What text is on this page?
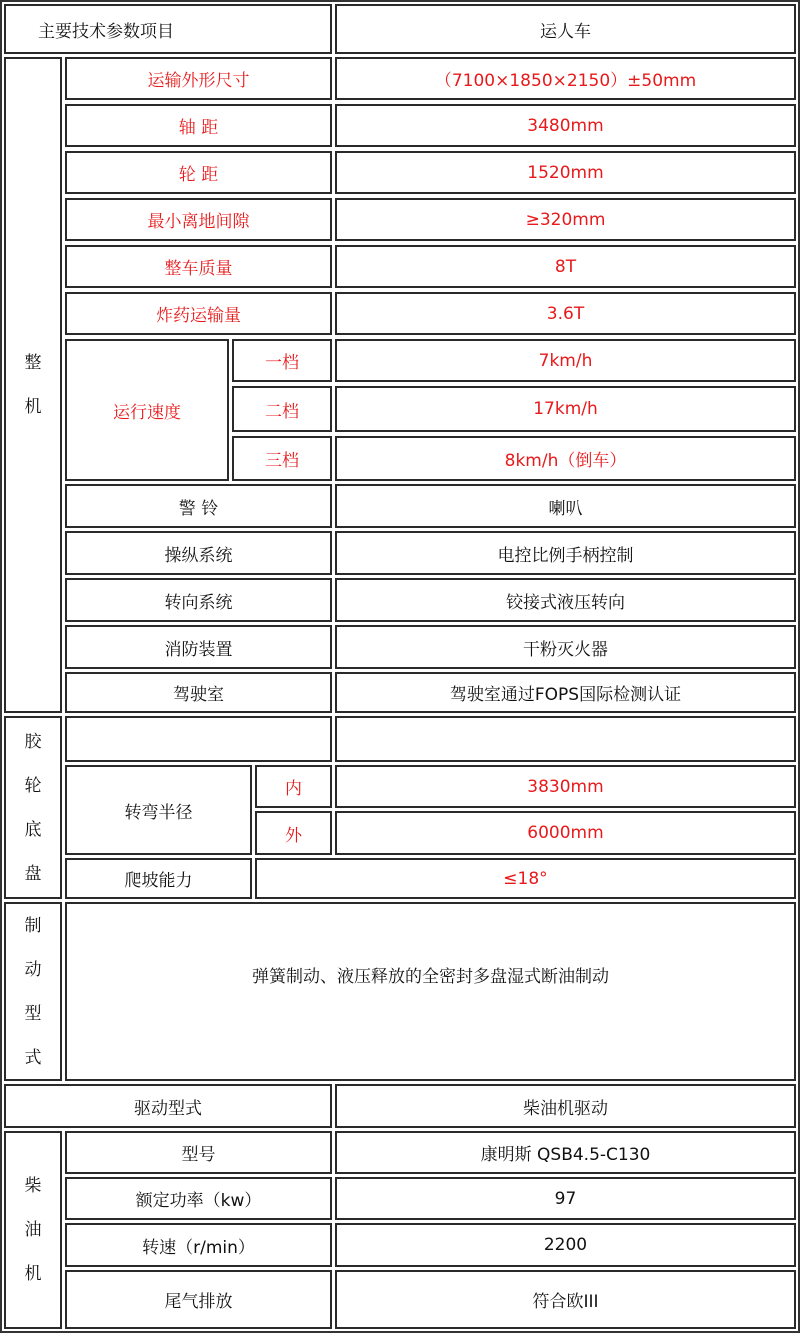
主要技术参数项目	运人车
整
机
运输外形尺寸	（7100×1850×2150）±50mm
轴 距	3480mm
轮 距	1520mm
最小离地间隙	≥320mm
整车质量	8T
炸药运输量	3.6T
运行速度
一档	7km/h
二档	17km/h
三档	8km/h（倒车）
警 铃	喇叭
操纵系统	电控比例手柄控制
转向系统	铰接式液压转向
消防装置	干粉灭火器
驾驶室	驾驶室通过FOPS国际检测认证
胶
轮
底
盘
转弯半径
内	3830mm
外	6000mm
爬坡能力	≤18°
制
动
型
式
弹簧制动、液压释放的全密封多盘湿式断油制动
驱动型式	柴油机驱动
柴
油
机
型号	康明斯 QSB4.5-C130
额定功率（kw）	97
转速（r/min）	2200
尾气排放	符合欧III
